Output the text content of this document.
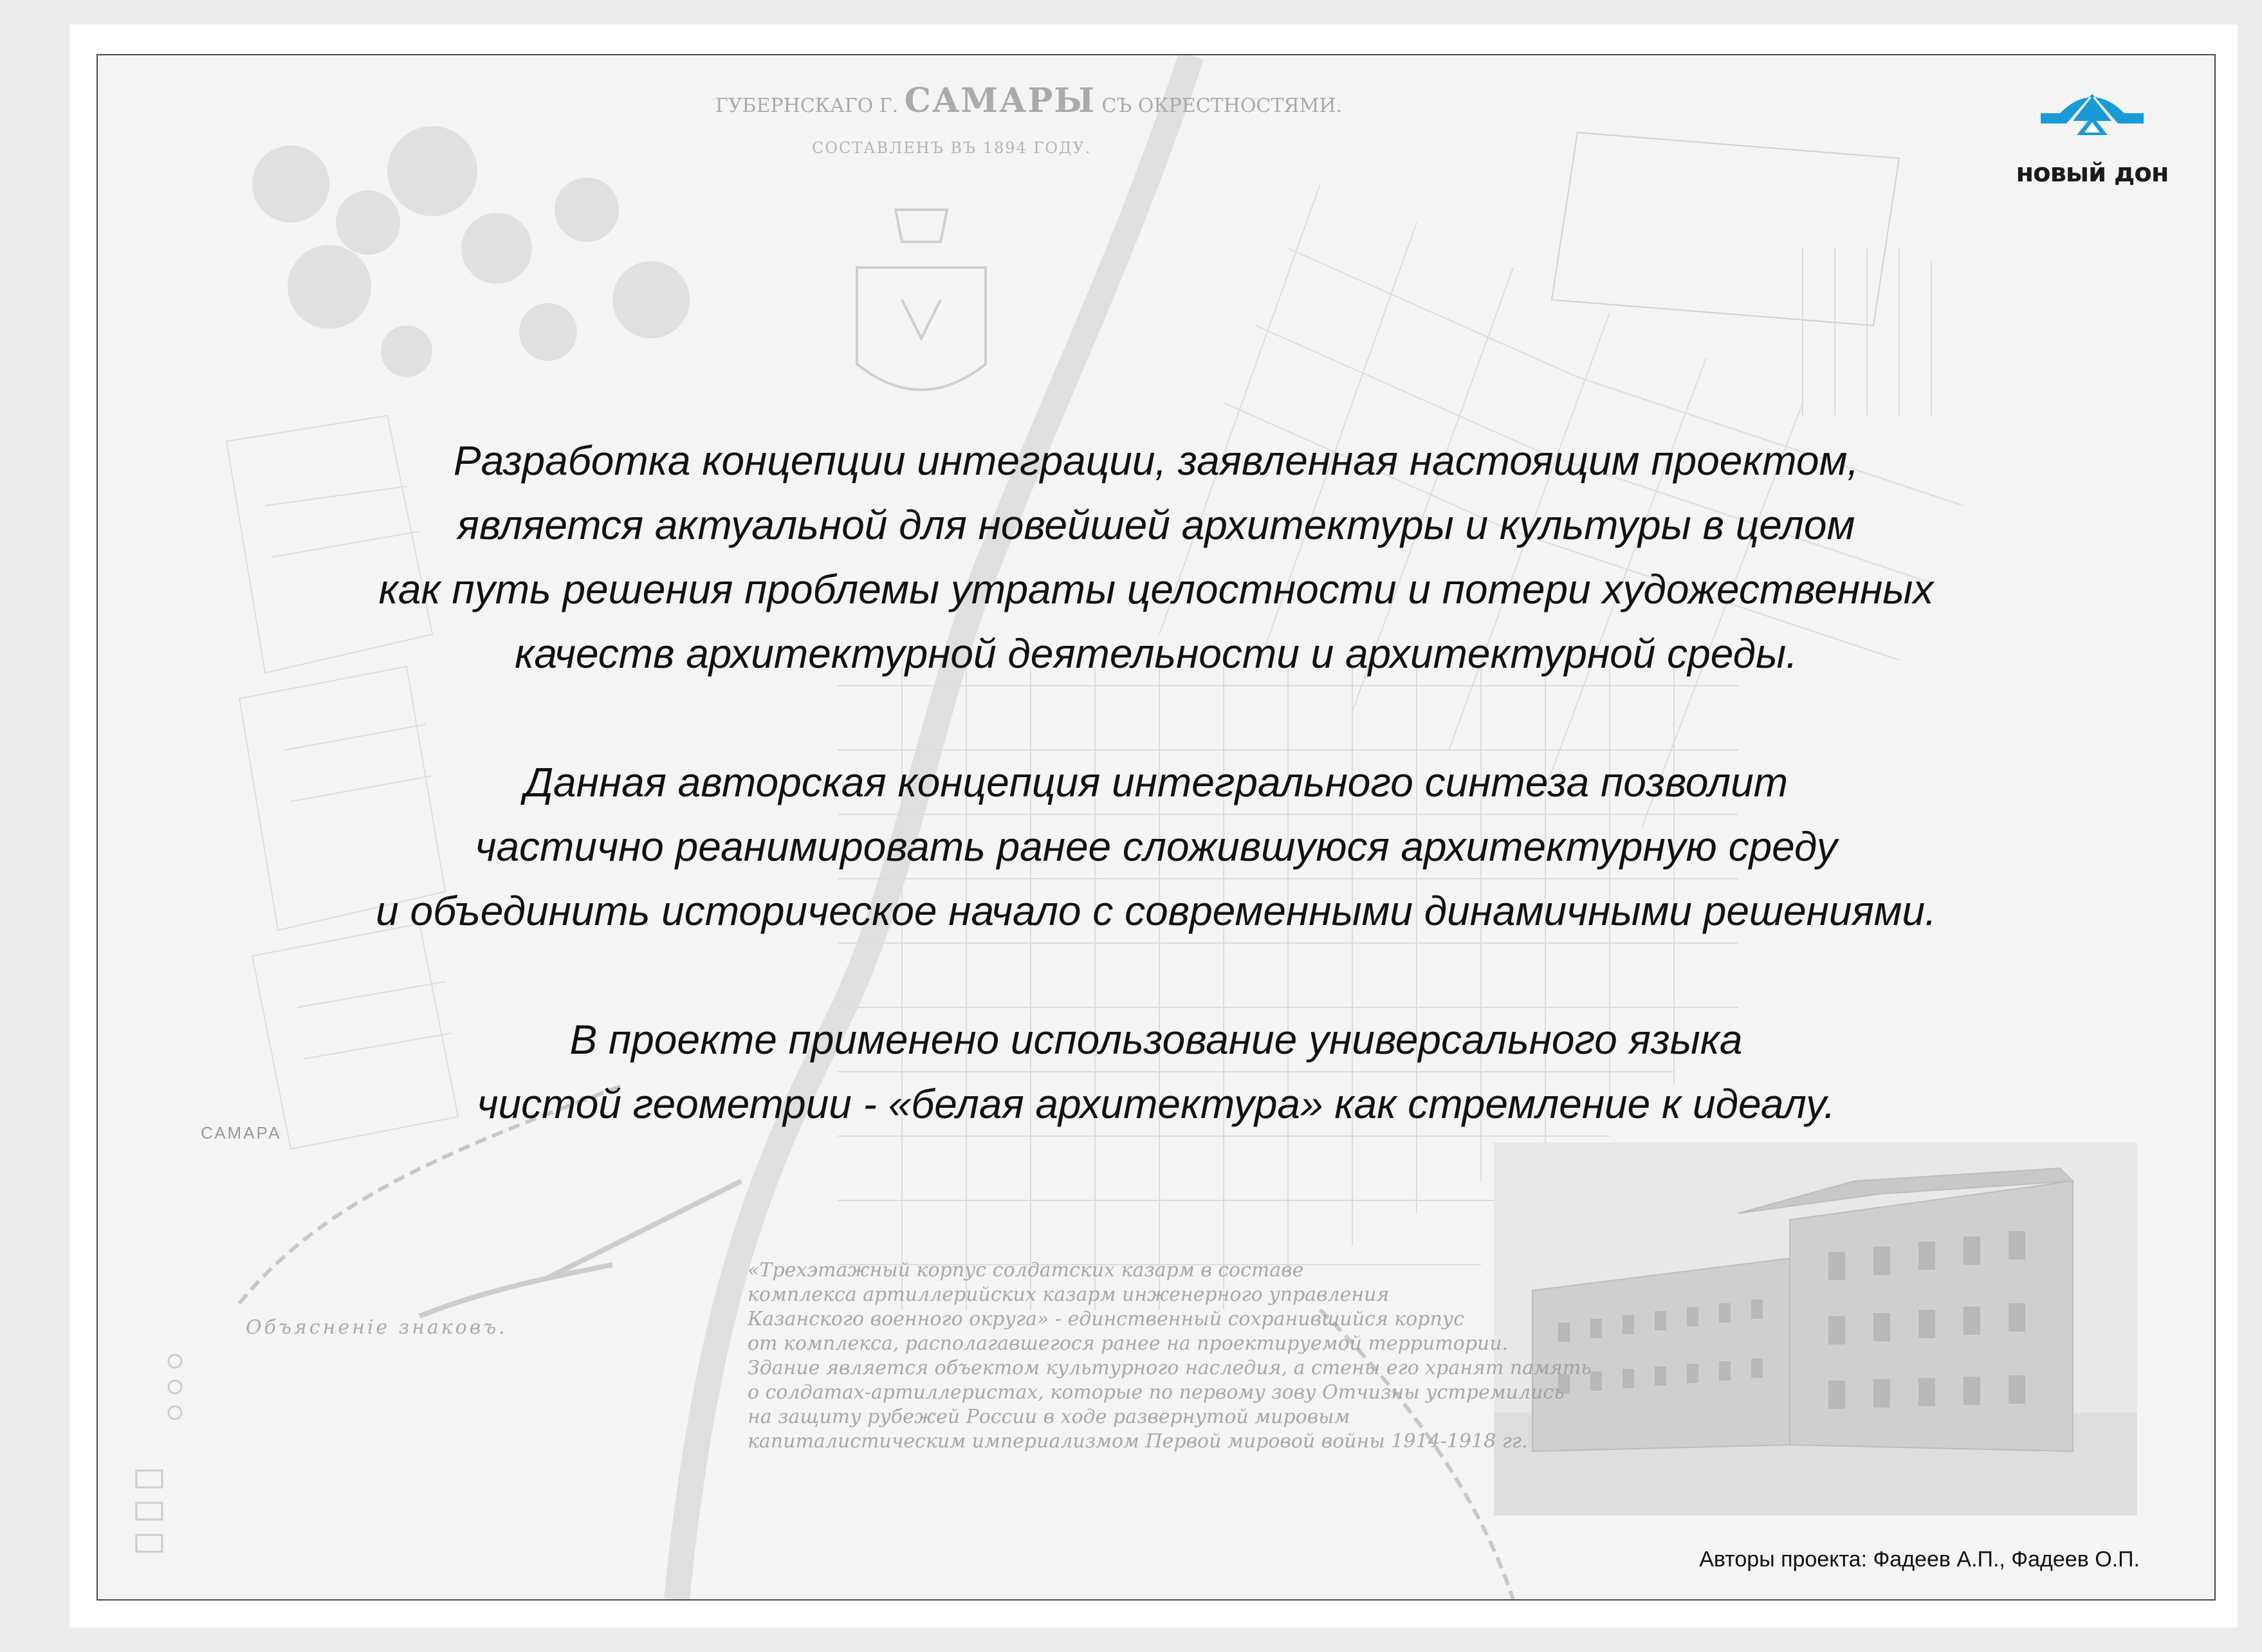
ГУБЕРНСКАГО Г. САМАРЫ СЪ ОКРЕСТНОСТЯМИ.
СОСТАВЛЕНЪ ВЪ 1894 ГОДУ.
САМАРА
Объясненіе знаковъ.
новый дон
Разработка концепции интеграции, заявленная настоящим проектом,
является актуальной для новейшей архитектуры и культуры в целом
как путь решения проблемы утраты целостности и потери художественных
качеств архитектурной деятельности и архитектурной среды.
Данная авторская концепция интегрального синтеза позволит
частично реанимировать ранее сложившуюся архитектурную среду
и объединить историческое начало с современными динамичными решениями.
В проекте применено использование универсального языка
чистой геометрии - «белая архитектура» как стремление к идеалу.
«Трехэтажный корпус солдатских казарм в составе
комплекса артиллерийских казарм инженерного управления
Казанского военного округа» - единственный сохранившийся корпус
от комплекса, располагавшегося ранее на проектируемой территории.
Здание является объектом культурного наследия, а стены его хранят память
о солдатах-артиллеристах, которые по первому зову Отчизны устремились
на защиту рубежей России в ходе развернутой мировым
капиталистическим империализмом Первой мировой войны 1914-1918 гг.
Авторы проекта: Фадеев А.П., Фадеев О.П.
